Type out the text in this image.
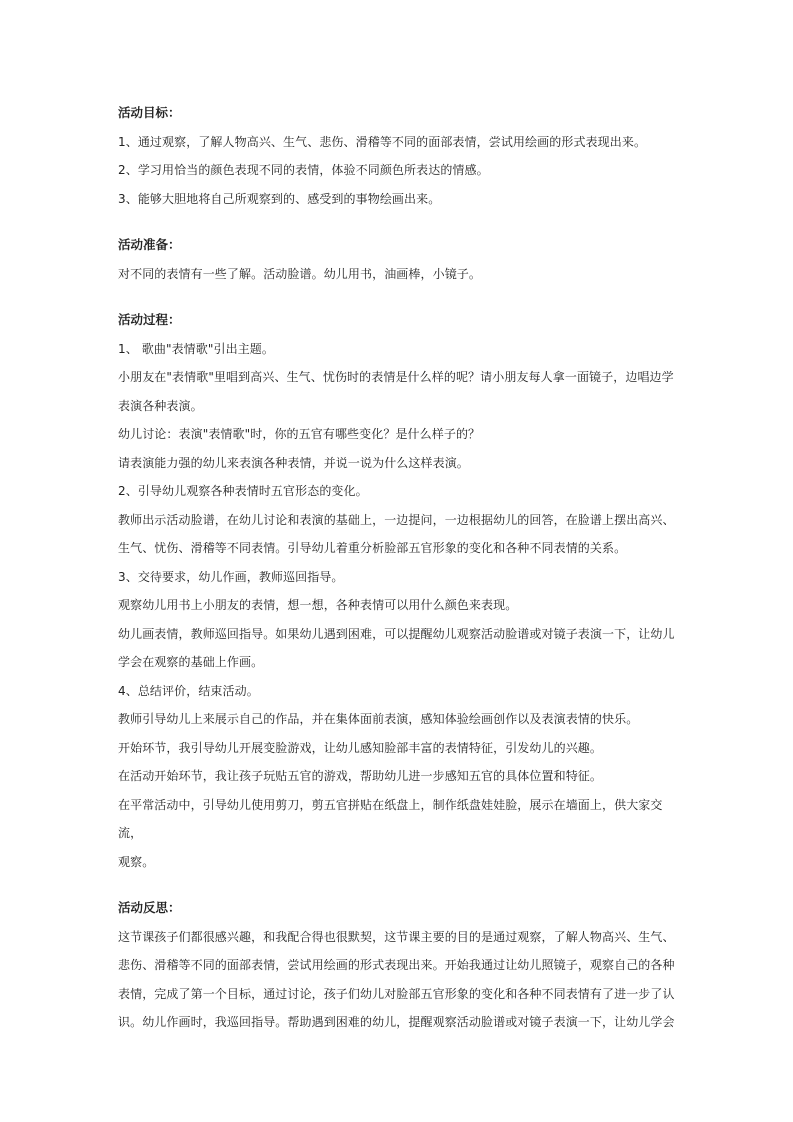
活动目标：

1、通过观察，了解人物高兴、生气、悲伤、滑稽等不同的面部表情，尝试用绘画的形式表现出来。

2、学习用恰当的颜色表现不同的表情，体验不同颜色所表达的情感。

3、能够大胆地将自己所观察到的、感受到的事物绘画出来。

活动准备：

对不同的表情有一些了解。活动脸谱。幼儿用书，油画棒，小镜子。

活动过程：

1、 歌曲"表情歌"引出主题。

小朋友在"表情歌"里唱到高兴、生气、忧伤时的表情是什么样的呢？请小朋友每人拿一面镜子，边唱边学

表演各种表演。

幼儿讨论：表演"表情歌"时，你的五官有哪些变化？是什么样子的？

请表演能力强的幼儿来表演各种表情，并说一说为什么这样表演。

2、引导幼儿观察各种表情时五官形态的变化。

教师出示活动脸谱，在幼儿讨论和表演的基础上，一边提问，一边根据幼儿的回答，在脸谱上摆出高兴、

生气、忧伤、滑稽等不同表情。引导幼儿着重分析脸部五官形象的变化和各种不同表情的关系。

3、交待要求，幼儿作画，教师巡回指导。

观察幼儿用书上小朋友的表情，想一想，各种表情可以用什么颜色来表现。

幼儿画表情，教师巡回指导。如果幼儿遇到困难，可以提醒幼儿观察活动脸谱或对镜子表演一下，让幼儿

学会在观察的基础上作画。

4、总结评价，结束活动。

教师引导幼儿上来展示自己的作品，并在集体面前表演，感知体验绘画创作以及表演表情的快乐。

开始环节，我引导幼儿开展变脸游戏，让幼儿感知脸部丰富的表情特征，引发幼儿的兴趣。

在活动开始环节，我让孩子玩贴五官的游戏，帮助幼儿进一步感知五官的具体位置和特征。

在平常活动中，引导幼儿使用剪刀，剪五官拼贴在纸盘上，制作纸盘娃娃脸，展示在墙面上，供大家交流，

观察。

活动反思：

这节课孩子们都很感兴趣，和我配合得也很默契，这节课主要的目的是通过观察，了解人物高兴、生气、

悲伤、滑稽等不同的面部表情，尝试用绘画的形式表现出来。开始我通过让幼儿照镜子，观察自己的各种

表情，完成了第一个目标，通过讨论，孩子们幼儿对脸部五官形象的变化和各种不同表情有了进一步了认

识。幼儿作画时，我巡回指导。帮助遇到困难的幼儿，提醒观察活动脸谱或对镜子表演一下，让幼儿学会
